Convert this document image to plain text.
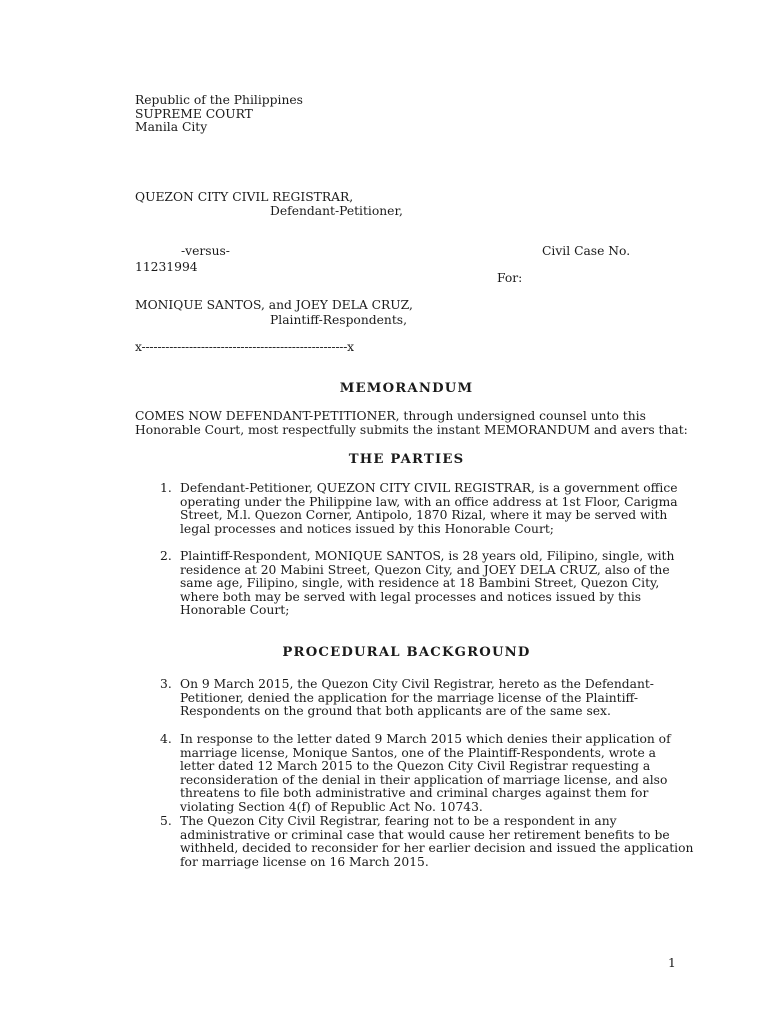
Republic of the Philippines
SUPREME COURT
Manila City
QUEZON CITY CIVIL REGISTRAR,
Defendant-Petitioner,
-versus-	Civil Case No.
11231994
For:
MONIQUE SANTOS, and JOEY DELA CRUZ,
Plaintiff-Respondents,
x----------------------------------------------------x
MEMORANDUM
COMES NOW DEFENDANT-PETITIONER, through undersigned counsel unto this
Honorable Court, most respectfully submits the instant MEMORANDUM and avers that:
THE PARTIES
1. Defendant-Petitioner, QUEZON CITY CIVIL REGISTRAR, is a government office
operating under the Philippine law, with an office address at 1st Floor, Carigma
Street, M.l. Quezon Corner, Antipolo, 1870 Rizal, where it may be served with
legal processes and notices issued by this Honorable Court;
2. Plaintiff-Respondent, MONIQUE SANTOS, is 28 years old, Filipino, single, with
residence at 20 Mabini Street, Quezon City, and JOEY DELA CRUZ, also of the
same age, Filipino, single, with residence at 18 Bambini Street, Quezon City,
where both may be served with legal processes and notices issued by this
Honorable Court;
PROCEDURAL BACKGROUND
3. On 9 March 2015, the Quezon City Civil Registrar, hereto as the Defendant-
Petitioner, denied the application for the marriage license of the Plaintiff-
Respondents on the ground that both applicants are of the same sex.
4. In response to the letter dated 9 March 2015 which denies their application of
marriage license, Monique Santos, one of the Plaintiff-Respondents, wrote a
letter dated 12 March 2015 to the Quezon City Civil Registrar requesting a
reconsideration of the denial in their application of marriage license, and also
threatens to file both administrative and criminal charges against them for
violating Section 4(f) of Republic Act No. 10743.
5. The Quezon City Civil Registrar, fearing not to be a respondent in any
administrative or criminal case that would cause her retirement benefits to be
withheld, decided to reconsider for her earlier decision and issued the application
for marriage license on 16 March 2015.
1
